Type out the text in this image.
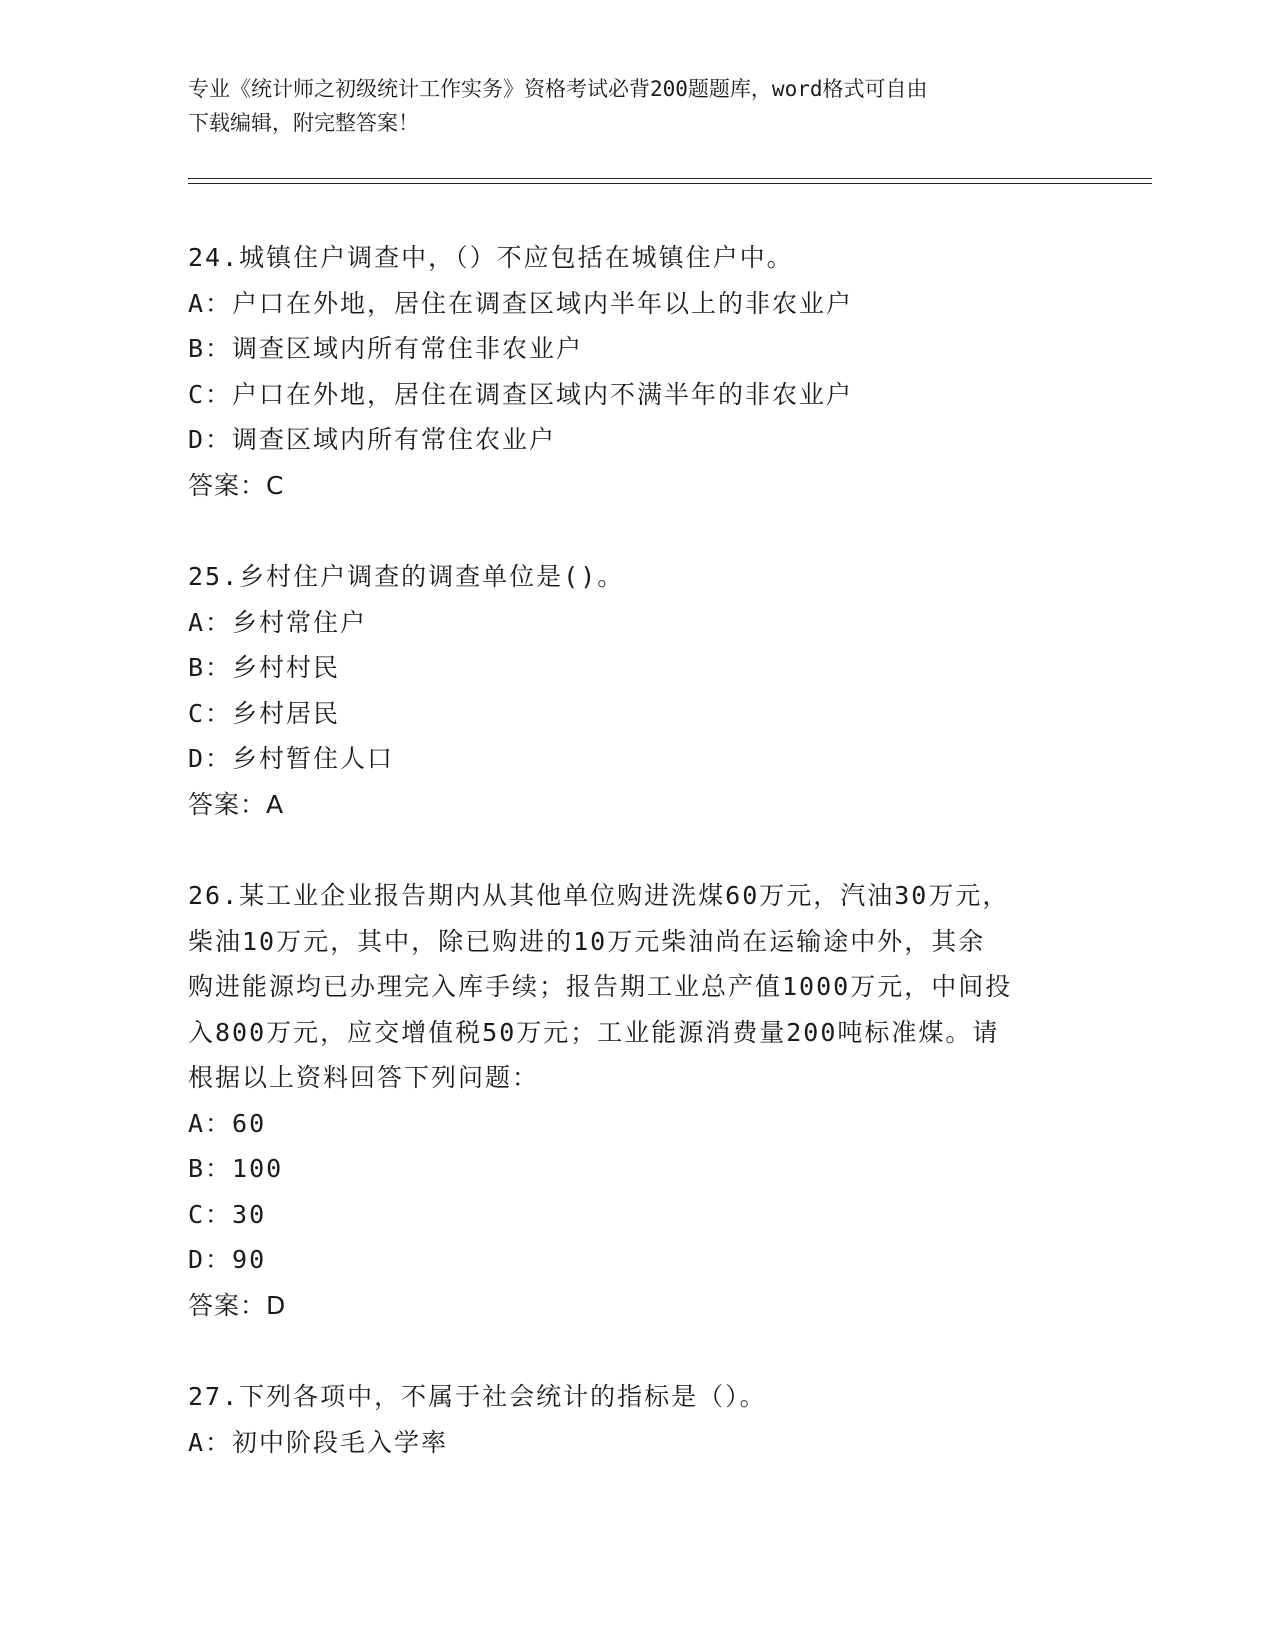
专业《统计师之初级统计工作实务》资格考试必背200题题库，word格式可自由
下载编辑，附完整答案！
24.城镇住户调查中，（）不应包括在城镇住户中。
A：户口在外地，居住在调查区域内半年以上的非农业户
B：调查区域内所有常住非农业户
C：户口在外地，居住在调查区域内不满半年的非农业户
D：调查区域内所有常住农业户
答案：C
25.乡村住户调查的调查单位是()。
A：乡村常住户
B：乡村村民
C：乡村居民
D：乡村暂住人口
答案：A
26.某工业企业报告期内从其他单位购进洗煤60万元，汽油30万元，
柴油10万元，其中，除已购进的10万元柴油尚在运输途中外，其余
购进能源均已办理完入库手续；报告期工业总产值1000万元，中间投
入800万元，应交增值税50万元；工业能源消费量200吨标准煤。请
根据以上资料回答下列问题：
A：60
B：100
C：30
D：90
答案：D
27.下列各项中，不属于社会统计的指标是（）。
A：初中阶段毛入学率
